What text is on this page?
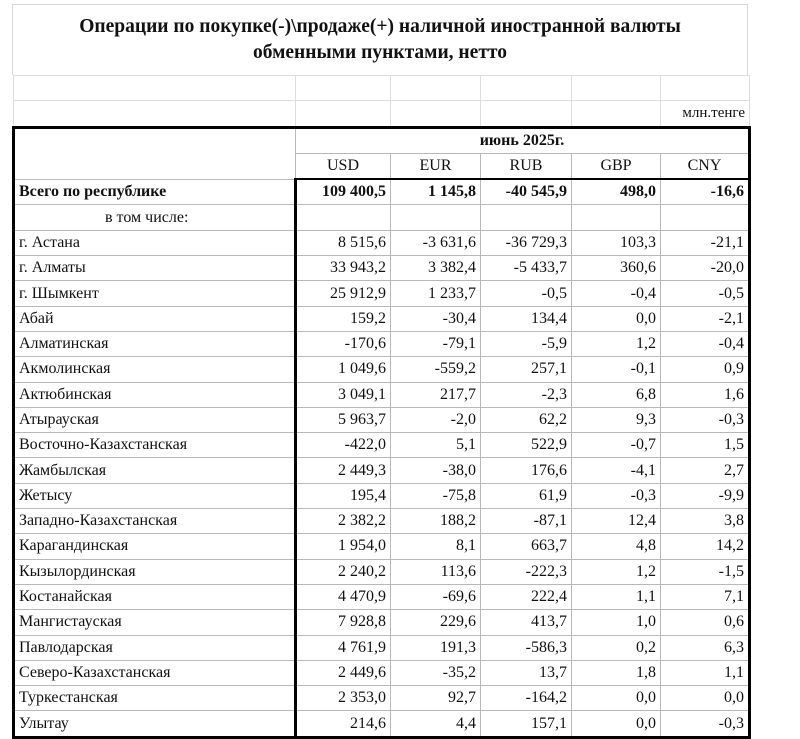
Операции по покупке(-)\продаже(+) наличной иностранной валюты
обменными пунктами, нетто

					млн.тенге
	июнь 2025г.				
	USD	EUR	RUB	GBP	CNY
Всего по республике	109 400,5	1 145,8	-40 545,9	498,0	-16,6
в том числе:					
г. Астана	8 515,6	-3 631,6	-36 729,3	103,3	-21,1
г. Алматы	33 943,2	3 382,4	-5 433,7	360,6	-20,0
г. Шымкент	25 912,9	1 233,7	-0,5	-0,4	-0,5
Абай	159,2	-30,4	134,4	0,0	-2,1
Алматинская	-170,6	-79,1	-5,9	1,2	-0,4
Акмолинская	1 049,6	-559,2	257,1	-0,1	0,9
Актюбинская	3 049,1	217,7	-2,3	6,8	1,6
Атырауская	5 963,7	-2,0	62,2	9,3	-0,3
Восточно-Казахстанская	-422,0	5,1	522,9	-0,7	1,5
Жамбылская	2 449,3	-38,0	176,6	-4,1	2,7
Жетысу	195,4	-75,8	61,9	-0,3	-9,9
Западно-Казахстанская	2 382,2	188,2	-87,1	12,4	3,8
Карагандинская	1 954,0	8,1	663,7	4,8	14,2
Кызылординская	2 240,2	113,6	-222,3	1,2	-1,5
Костанайская	4 470,9	-69,6	222,4	1,1	7,1
Мангистауская	7 928,8	229,6	413,7	1,0	0,6
Павлодарская	4 761,9	191,3	-586,3	0,2	6,3
Северо-Казахстанская	2 449,6	-35,2	13,7	1,8	1,1
Туркестанская	2 353,0	92,7	-164,2	0,0	0,0
Улытау	214,6	4,4	157,1	0,0	-0,3
